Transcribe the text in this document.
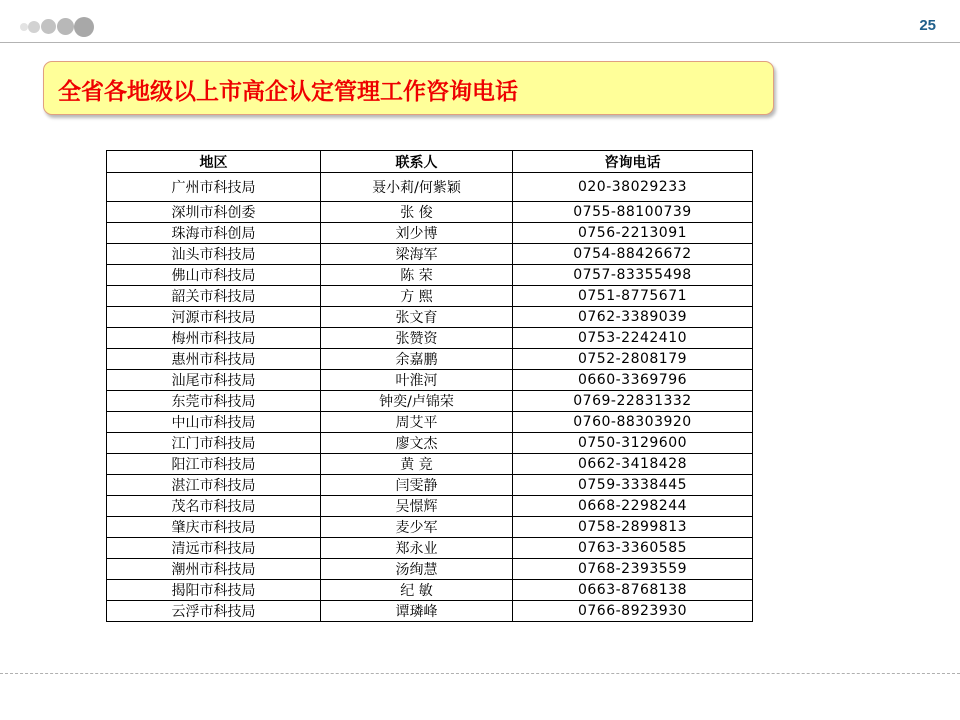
25
全省各地级以上市高企认定管理工作咨询电话
地区	联系人	咨询电话
广州市科技局	聂小莉/何紫颖	020-38029233
深圳市科创委	张 俊	0755-88100739
珠海市科创局	刘少博	0756-2213091
汕头市科技局	梁海军	0754-88426672
佛山市科技局	陈 荣	0757-83355498
韶关市科技局	方 熙	0751-8775671
河源市科技局	张文育	0762-3389039
梅州市科技局	张赞资	0753-2242410
惠州市科技局	余嘉鹏	0752-2808179
汕尾市科技局	叶淮河	0660-3369796
东莞市科技局	钟奕/卢锦荣	0769-22831332
中山市科技局	周艾平	0760-88303920
江门市科技局	廖文杰	0750-3129600
阳江市科技局	黄 竞	0662-3418428
湛江市科技局	闫雯静	0759-3338445
茂名市科技局	吴憬辉	0668-2298244
肇庆市科技局	麦少军	0758-2899813
清远市科技局	郑永业	0763-3360585
潮州市科技局	汤绚慧	0768-2393559
揭阳市科技局	纪 敏	0663-8768138
云浮市科技局	谭璘峰	0766-8923930
